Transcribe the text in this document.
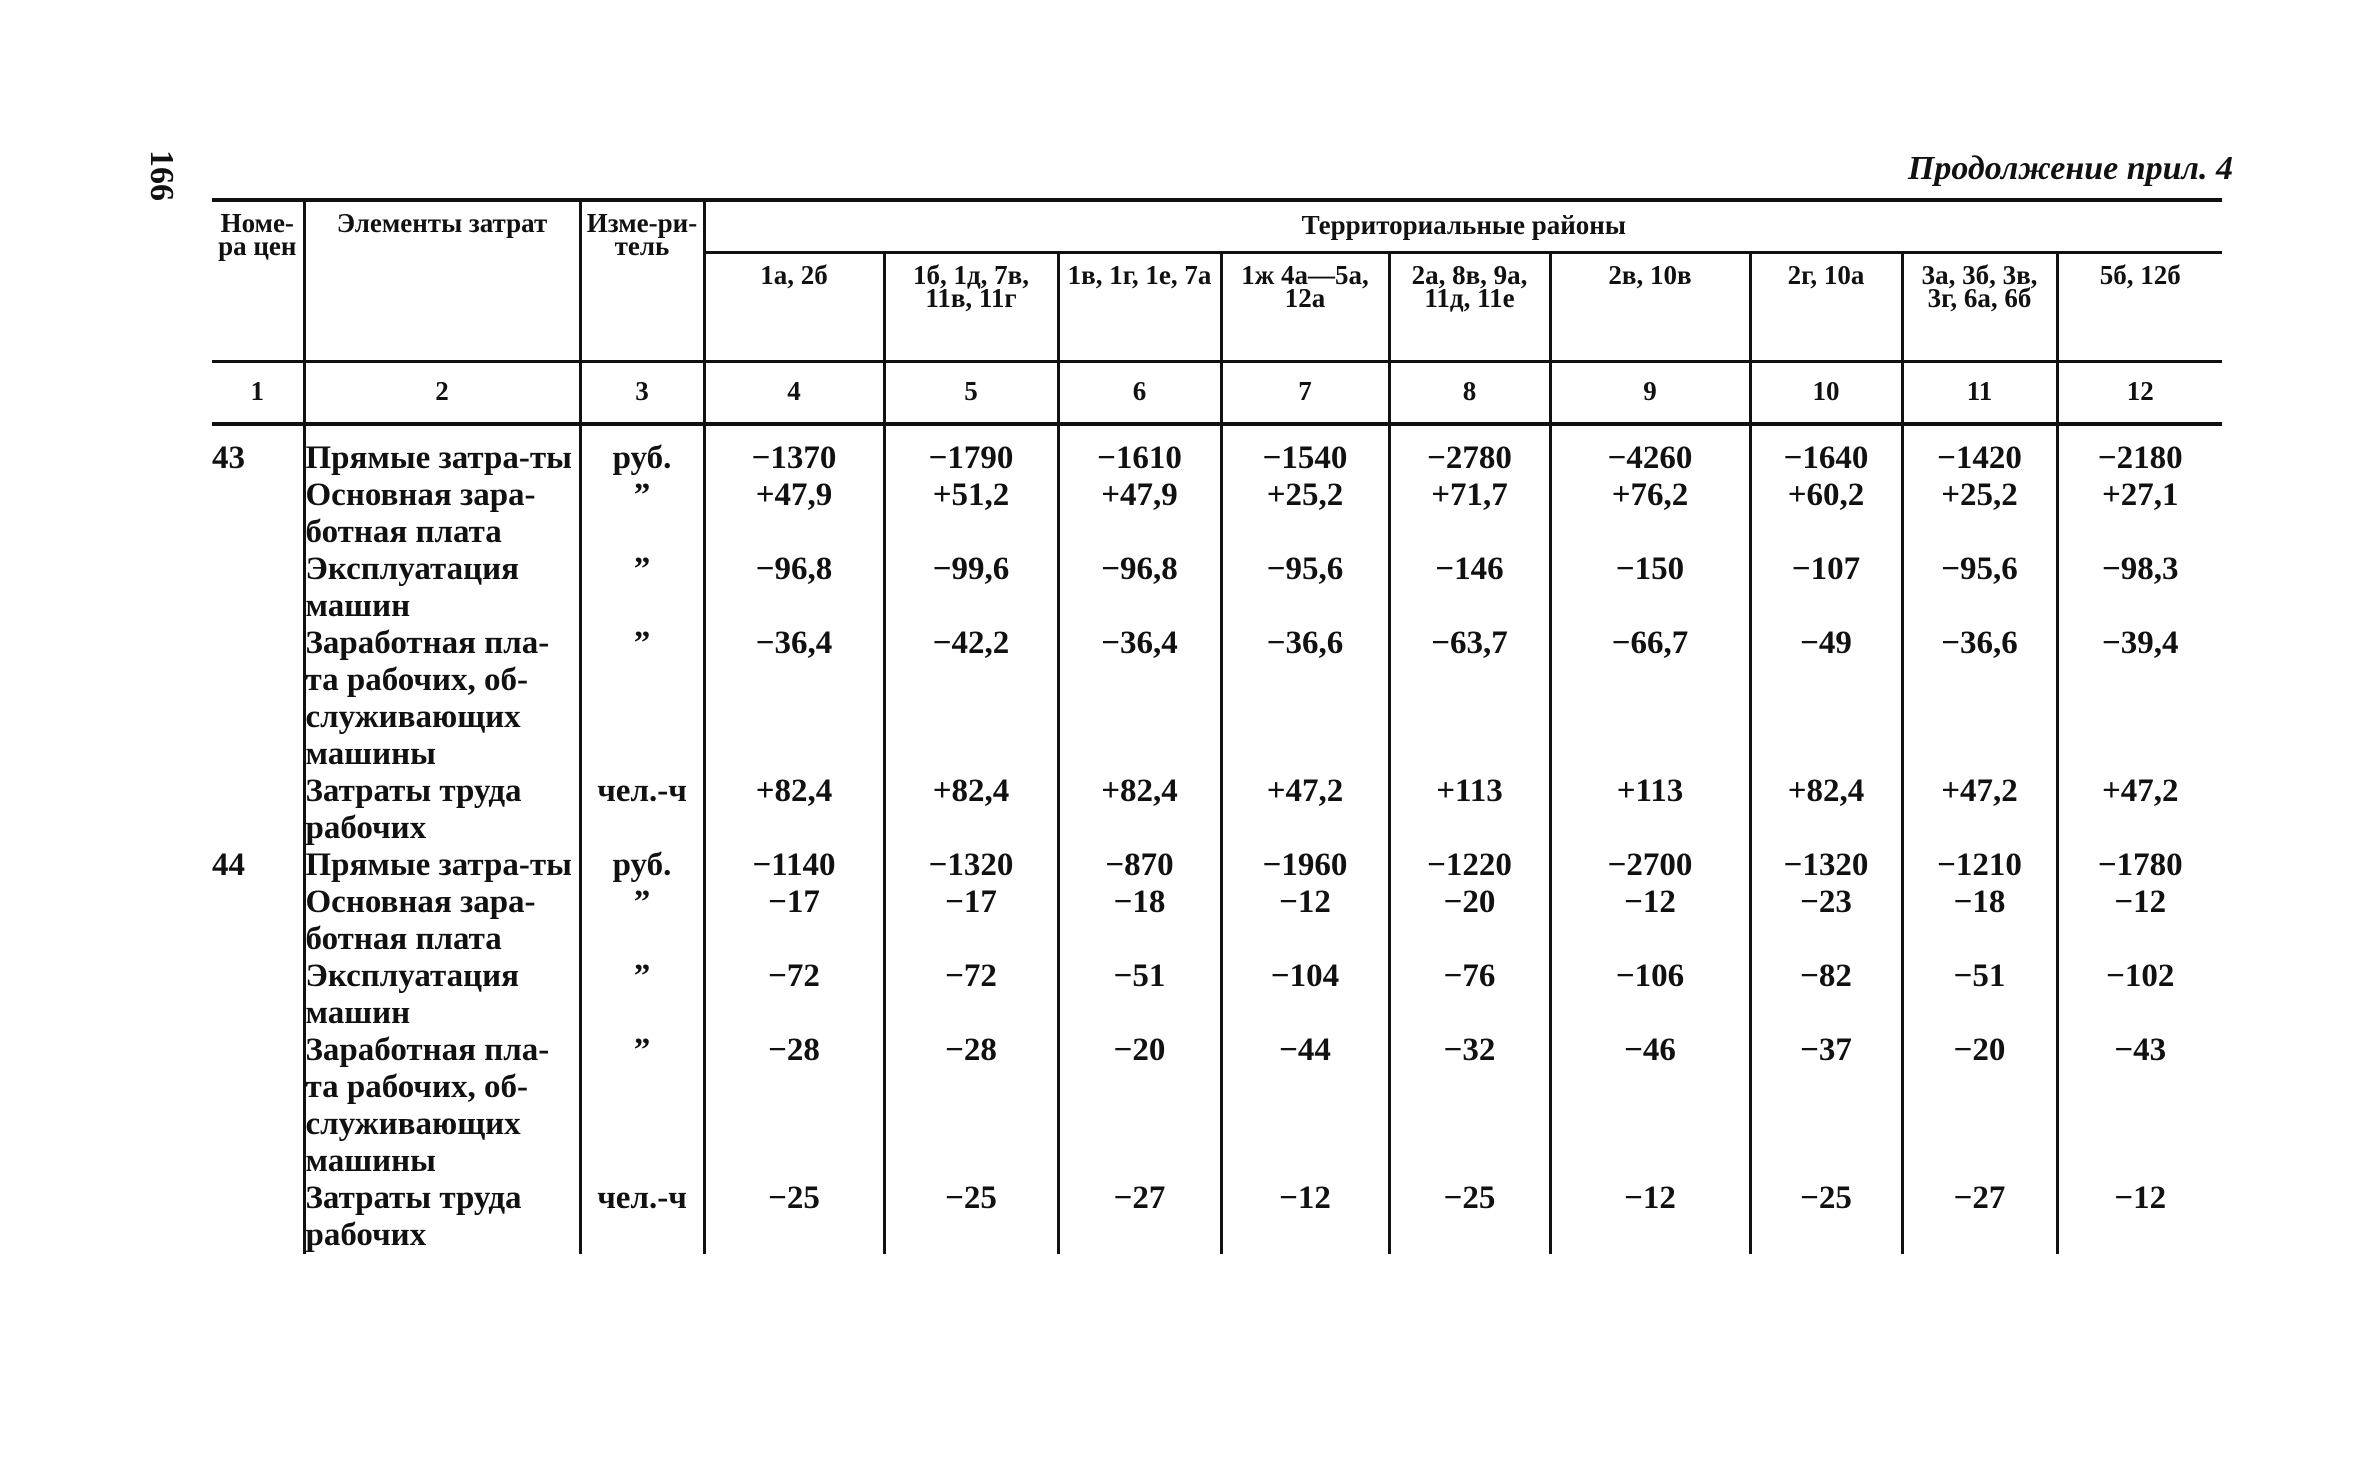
166	Продолжение прил. 4
Номе-ра цен	Элементы затрат	Изме-ри-тель	Территориальные районы								
			1а, 2б	1б, 1д, 7в, 11в, 11г	1в, 1г, 1е, 7а	1ж 4а—5а, 12а	2а, 8в, 9а, 11д, 11е	2в, 10в	2г, 10а	3а, 3б, 3в, 3г, 6а, 6б	5б, 12б
1	2	3	4	5	6	7	8	9	10	11	12
43	Прямые затра-ты	руб.	−1370	−1790	−1610	−1540	−2780	−4260	−1640	−1420	−2180
	Основная зара-ботная плата	”	+47,9	+51,2	+47,9	+25,2	+71,7	+76,2	+60,2	+25,2	+27,1
	Эксплуатация машин	”	−96,8	−99,6	−96,8	−95,6	−146	−150	−107	−95,6	−98,3
	Заработная пла-та рабочих, об-служивающих машины	”	−36,4	−42,2	−36,4	−36,6	−63,7	−66,7	−49	−36,6	−39,4
	Затраты труда рабочих	чел.-ч	+82,4	+82,4	+82,4	+47,2	+113	+113	+82,4	+47,2	+47,2
44	Прямые затра-ты	руб.	−1140	−1320	−870	−1960	−1220	−2700	−1320	−1210	−1780
	Основная зара-ботная плата	”	−17	−17	−18	−12	−20	−12	−23	−18	−12
	Эксплуатация машин	”	−72	−72	−51	−104	−76	−106	−82	−51	−102
	Заработная пла-та рабочих, об-служивающих машины	”	−28	−28	−20	−44	−32	−46	−37	−20	−43
	Затраты труда рабочих	чел.-ч	−25	−25	−27	−12	−25	−12	−25	−27	−12
